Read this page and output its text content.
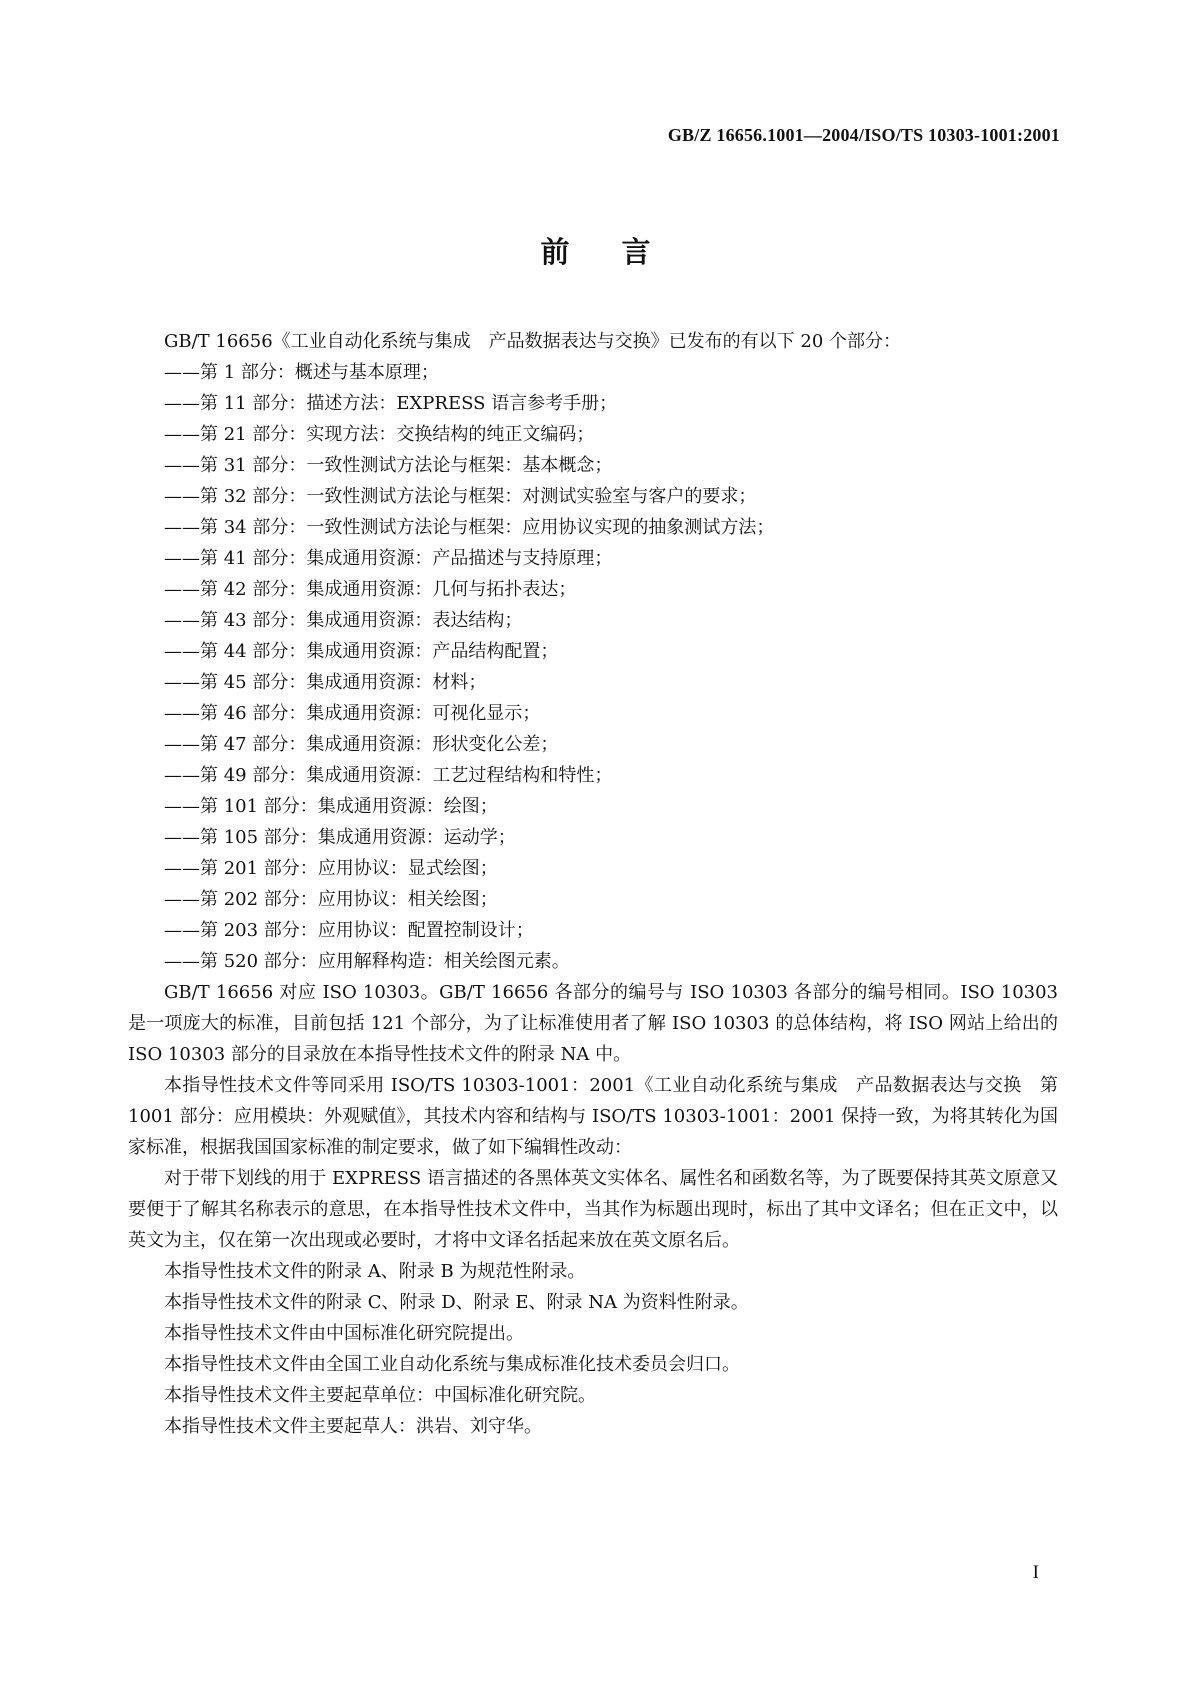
GB/Z 16656.1001—2004/ISO/TS 10303-1001:2001
前言

GB/T 16656《工业自动化系统与集成　产品数据表达与交换》已发布的有以下 20 个部分：

——第 1 部分：概述与基本原理；
——第 11 部分：描述方法：EXPRESS 语言参考手册；
——第 21 部分：实现方法：交换结构的纯正文编码；
——第 31 部分：一致性测试方法论与框架：基本概念；
——第 32 部分：一致性测试方法论与框架：对测试实验室与客户的要求；
——第 34 部分：一致性测试方法论与框架：应用协议实现的抽象测试方法；
——第 41 部分：集成通用资源：产品描述与支持原理；
——第 42 部分：集成通用资源：几何与拓扑表达；
——第 43 部分：集成通用资源：表达结构；
——第 44 部分：集成通用资源：产品结构配置；
——第 45 部分：集成通用资源：材料；
——第 46 部分：集成通用资源：可视化显示；
——第 47 部分：集成通用资源：形状变化公差；
——第 49 部分：集成通用资源：工艺过程结构和特性；
——第 101 部分：集成通用资源：绘图；
——第 105 部分：集成通用资源：运动学；
——第 201 部分：应用协议：显式绘图；
——第 202 部分：应用协议：相关绘图；
——第 203 部分：应用协议：配置控制设计；
——第 520 部分：应用解释构造：相关绘图元素。

GB/T 16656 对应 ISO 10303。GB/T 16656 各部分的编号与 ISO 10303 各部分的编号相同。ISO 10303是一项庞大的标准，目前包括 121 个部分，为了让标准使用者了解 ISO 10303 的总体结构，将 ISO 网站上给出的 ISO 10303 部分的目录放在本指导性技术文件的附录 NA 中。

本指导性技术文件等同采用 ISO/TS 10303-1001：2001《工业自动化系统与集成　产品数据表达与交换　第 1001 部分：应用模块：外观赋值》，其技术内容和结构与 ISO/TS 10303-1001：2001 保持一致，为将其转化为国家标准，根据我国国家标准的制定要求，做了如下编辑性改动：

对于带下划线的用于 EXPRESS 语言描述的各黑体英文实体名、属性名和函数名等，为了既要保持其英文原意又要便于了解其名称表示的意思，在本指导性技术文件中，当其作为标题出现时，标出了其中文译名；但在正文中，以英文为主，仅在第一次出现或必要时，才将中文译名括起来放在英文原名后。

本指导性技术文件的附录 A、附录 B 为规范性附录。

本指导性技术文件的附录 C、附录 D、附录 E、附录 NA 为资料性附录。

本指导性技术文件由中国标准化研究院提出。

本指导性技术文件由全国工业自动化系统与集成标准化技术委员会归口。

本指导性技术文件主要起草单位：中国标准化研究院。

本指导性技术文件主要起草人：洪岩、刘守华。

I
